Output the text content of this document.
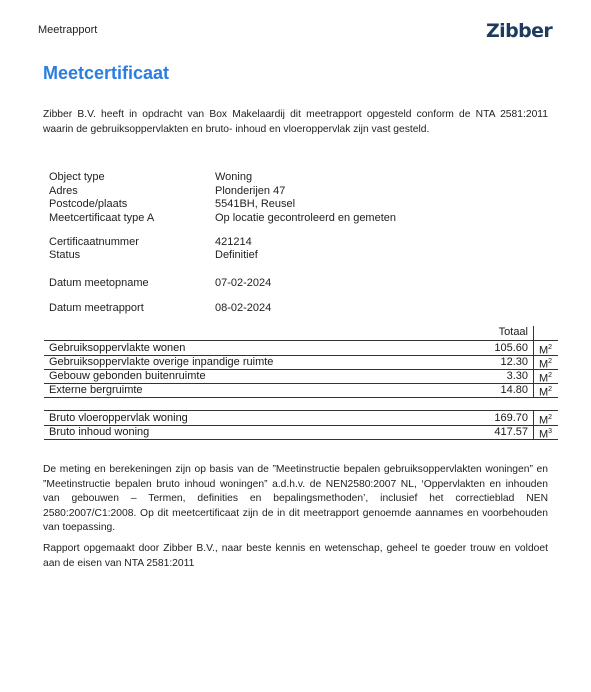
Meetrapport	Zibber
Meetcertificaat
Zibber B.V. heeft in opdracht van Box Makelaardij dit meetrapport opgesteld conform de NTA 2581:2011 waarin de gebruiksoppervlakten en bruto- inhoud en vloeroppervlak zijn vast gesteld.
Object type	Woning
Adres	Plonderijen 47
Postcode/plaats	5541BH, Reusel
Meetcertificaat type A	Op locatie gecontroleerd en gemeten
Certificaatnummer	421214
Status	Definitief
Datum meetopname	07-02-2024
Datum meetrapport	08-02-2024
Totaal
Gebruiksoppervlakte wonen	105.60 $M^2$
Gebruiksoppervlakte overige inpandige ruimte	12.30 $M^2$
Gebouw gebonden buitenruimte	3.30 $M^2$
Externe bergruimte	14.80 $M^2$
Bruto vloeroppervlak woning	169.70 $M^2$
Bruto inhoud woning	417.57 $M^3$
De meting en berekeningen zijn op basis van de ”Meetinstructie bepalen gebruiksoppervlakten woningen” en ”Meetinstructie bepalen bruto inhoud woningen” a.d.h.v. de NEN2580:2007 NL, ‘Oppervlakten en inhouden van gebouwen – Termen, definities en bepalingsmethoden’, inclusief het correctieblad NEN 2580:2007/C1:2008. Op dit meetcertificaat zijn de in dit meetrapport genoemde aannames en voorbehouden van toepassing.
Rapport opgemaakt door Zibber B.V., naar beste kennis en wetenschap, geheel te goeder trouw en voldoet aan de eisen van NTA 2581:2011
